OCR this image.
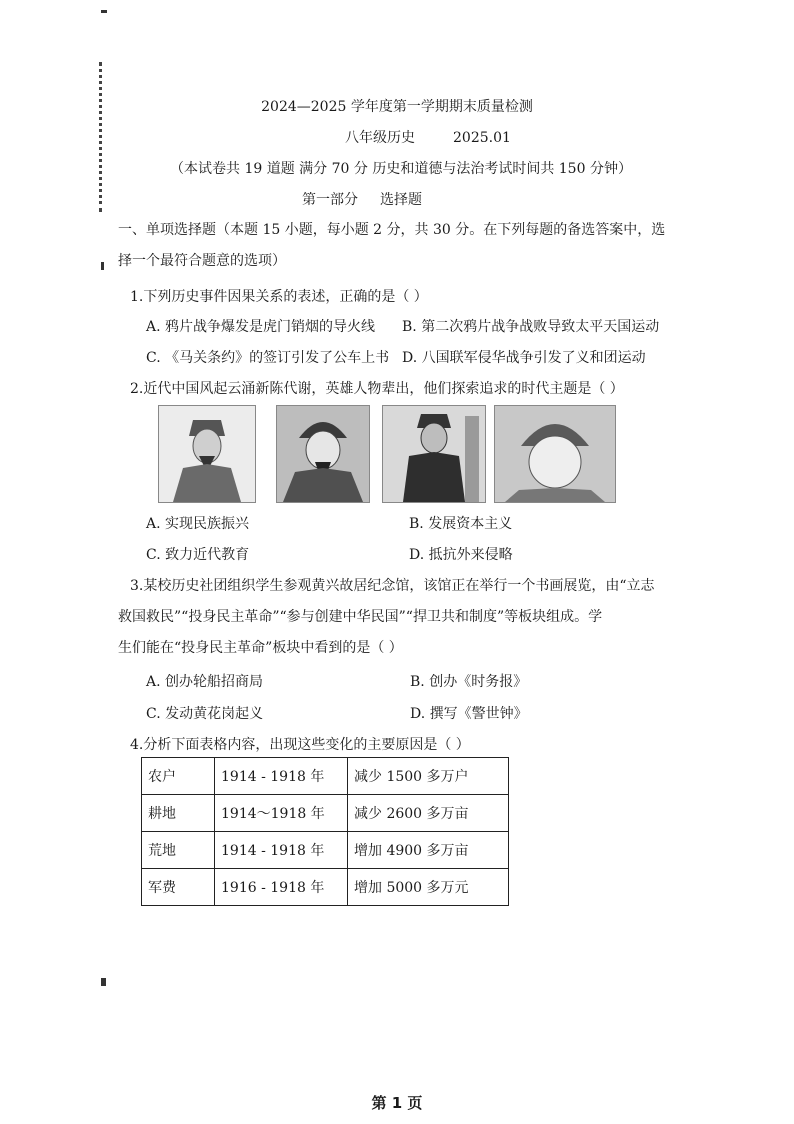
2024—2025 学年度第一学期期末质量检测
八年级历史	2025.01
（本试卷共 19 道题 满分 70 分 历史和道德与法治考试时间共 150 分钟）
第一部分 选择题
一、单项选择题（本题 15 小题，每小题 2 分，共 30 分。在下列每题的备选答案中，选
择一个最符合题意的选项）
1.下列历史事件因果关系的表述，正确的是（ ）
A. 鸦片战争爆发是虎门销烟的导火线 B. 第二次鸦片战争战败导致太平天国运动
C. 《马关条约》的签订引发了公车上书 D. 八国联军侵华战争引发了义和团运动
2.近代中国风起云涌新陈代谢，英雄人物辈出，他们探索追求的时代主题是（ ）
A. 实现民族振兴	B. 发展资本主义
C. 致力近代教育	D. 抵抗外来侵略
3.某校历史社团组织学生参观黄兴故居纪念馆，该馆正在举行一个书画展览，由“立志
救国救民”“投身民主革命”“参与创建中华民国”“捍卫共和制度”等板块组成。学
生们能在“投身民主革命”板块中看到的是（ ）
A. 创办轮船招商局	B. 创办《时务报》
C. 发动黄花岗起义	D. 撰写《警世钟》
4.分析下面表格内容，出现这些变化的主要原因是（ ）
农户	1914 - 1918 年	减少 1500 多万户
耕地	1914～1918 年	减少 2600 多万亩
荒地	1914 - 1918 年	增加 4900 多万亩
军费	1916 - 1918 年	增加 5000 多万元
第 1 页
